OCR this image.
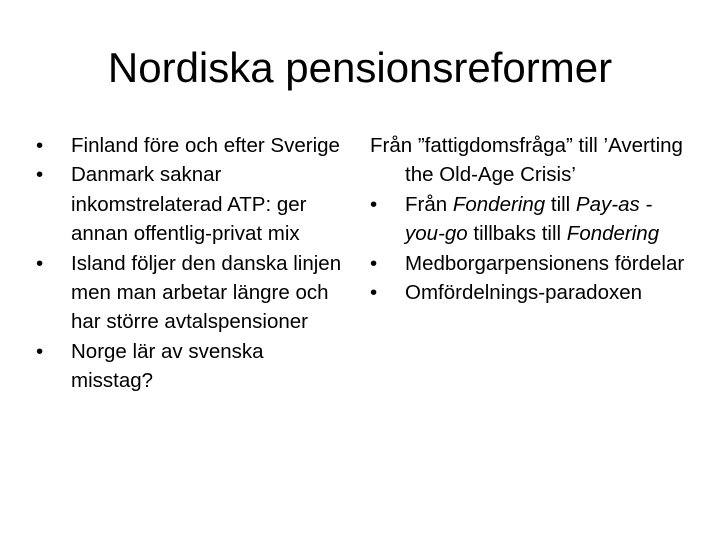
Nordiska pensionsreformer
•	Finland före och efter Sverige
•	Danmark saknar inkomstrelaterad ATP: ger annan offentlig-privat mix
•	Island följer den danska linjen men man arbetar längre och har större avtalspensioner
•	Norge lär av svenska misstag?
Från ”fattigdomsfråga” till ’Averting the Old-Age Crisis’
•	Från Fondering till Pay-as -you-go tillbaks till Fondering
•	Medborgarpensionens fördelar
•	Omfördelnings-paradoxen
